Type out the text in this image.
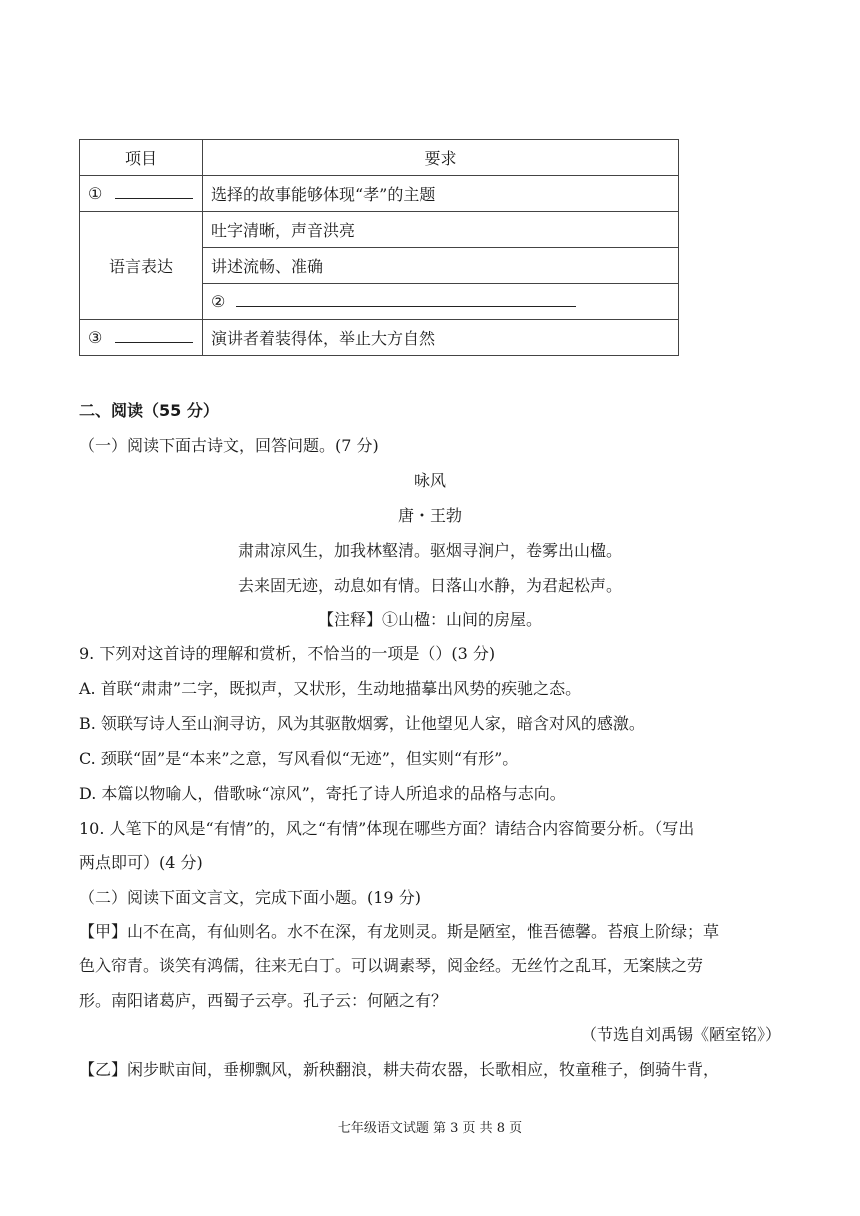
项目	要求
①	选择的故事能够体现“孝”的主题
语言表达	吐字清晰，声音洪亮
	讲述流畅、准确
	②
③	演讲者着装得体，举止大方自然
二、阅读（55 分）
（一）阅读下面古诗文，回答问题。(7 分)
咏风
唐・王勃
肃肃凉风生，加我林壑清。驱烟寻涧户，卷雾出山楹。
去来固无迹，动息如有情。日落山水静，为君起松声。
【注释】①山楹：山间的房屋。
9. 下列对这首诗的理解和赏析，不恰当的一项是（）(3 分)
A. 首联“肃肃”二字，既拟声，又状形，生动地描摹出风势的疾驰之态。
B. 领联写诗人至山涧寻访，风为其驱散烟雾，让他望见人家，暗含对风的感激。
C. 颈联“固”是“本来”之意，写风看似“无迹”，但实则“有形”。
D. 本篇以物喻人，借歌咏“凉风”，寄托了诗人所追求的品格与志向。
10. 人笔下的风是“有情”的，风之“有情”体现在哪些方面？请结合内容简要分析。（写出
两点即可）(4 分)
（二）阅读下面文言文，完成下面小题。(19 分)
【甲】山不在高，有仙则名。水不在深，有龙则灵。斯是陋室，惟吾德馨。苔痕上阶绿；草
色入帘青。谈笑有鸿儒，往来无白丁。可以调素琴，阅金经。无丝竹之乱耳，无案牍之劳
形。南阳诸葛庐，西蜀子云亭。孔子云：何陋之有？
（节选自刘禹锡《陋室铭》）
【乙】闲步畎亩间，垂柳飘风，新秧翻浪，耕夫荷农器，长歌相应，牧童稚子，倒骑牛背，
七年级语文试题 第 3 页 共 8 页
